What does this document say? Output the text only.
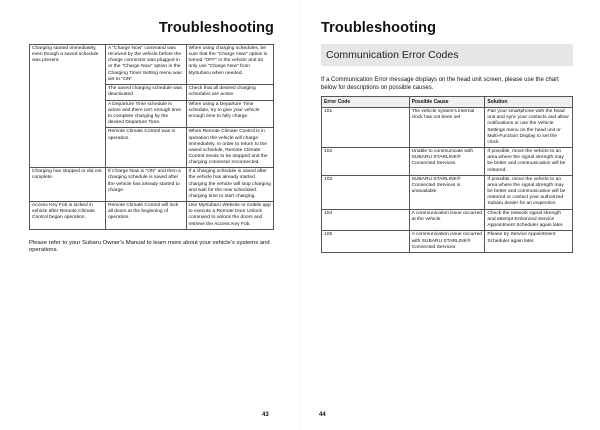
Troubleshooting
Charging started immediately, even though a saved schedule was present.	A "Charge Now" command was received by the vehicle before the charge connector was plugged in or the "Charge Now" option in the Charging Timer Setting menu was set to "ON"	When using charging schedules, be sure that the "Charge Now" option is turned "OFF" in the vehicle and do only use "Charge Now" from MySubaru when needed.
	The saved charging schedule was deactivated	Check that all desired charging schedules are active.
	A Departure Time schedule is active and there isn't enough time to complete charging by the desired Departure Time.	When using a Departure Time schedule, try to give your vehicle enough time to fully charge.
	Remote Climate Control was in operation.	When Remote Climate Control is in operation the vehicle will charge immediately. In order to return to the saved schedule, Remote Climate Control needs to be stopped and the charging connector reconnected.
Charging has stopped or did not complete.	If Charge Now is "ON" and then a charging schedule is saved after the vehicle has already started to charge.	If a charging schedule is saved after the vehicle has already started charging the vehicle will stop charging and wait for the new scheduled charging time to start charging.
Access Key Fob is locked in vehicle after Remote Climate Control began operation.	Remote Climate Control will lock all doors at the beginning of operation.	Use MySubaru Website or mobile app to execute a Remote Door Unlock command to unlock the doors and retrieve the Access Key Fob.
Please refer to your Subaru Owner's Manual to learn more about your vehicle's systems and operations.
Troubleshooting
Communication Error Codes
If a Communication Error message displays on the head unit screen, please use the chart below for descriptions on possible causes.
Error Code	Possible Cause	Solution
101	The vehicle system's internal clock has not been set	Pair your smartphone with the head unit and sync your contacts and allow notifications or use the Vehicle Settings menu on the head unit or Multi-Function Display to set the clock.
102	Unable to communicate with SUBARU STARLINK® Connected Services	If possible, move the vehicle to an area where the signal strength may be better and communication will be restored.
103	SUBARU STARLINK® Connected Services is unavailable	If possible, move the vehicle to an area where the signal strength may be better and communication will be restored or contact your authorized Subaru dealer for an inspection.
104	A communication issue occurred at the vehicle	Check the network signal strength and attempt Enhanced Service Appointment Scheduler again later.
105	A communication issue occurred with SUBARU STARLINK® Connected Services	Please try Service Appointment Scheduler again later.
43	44
